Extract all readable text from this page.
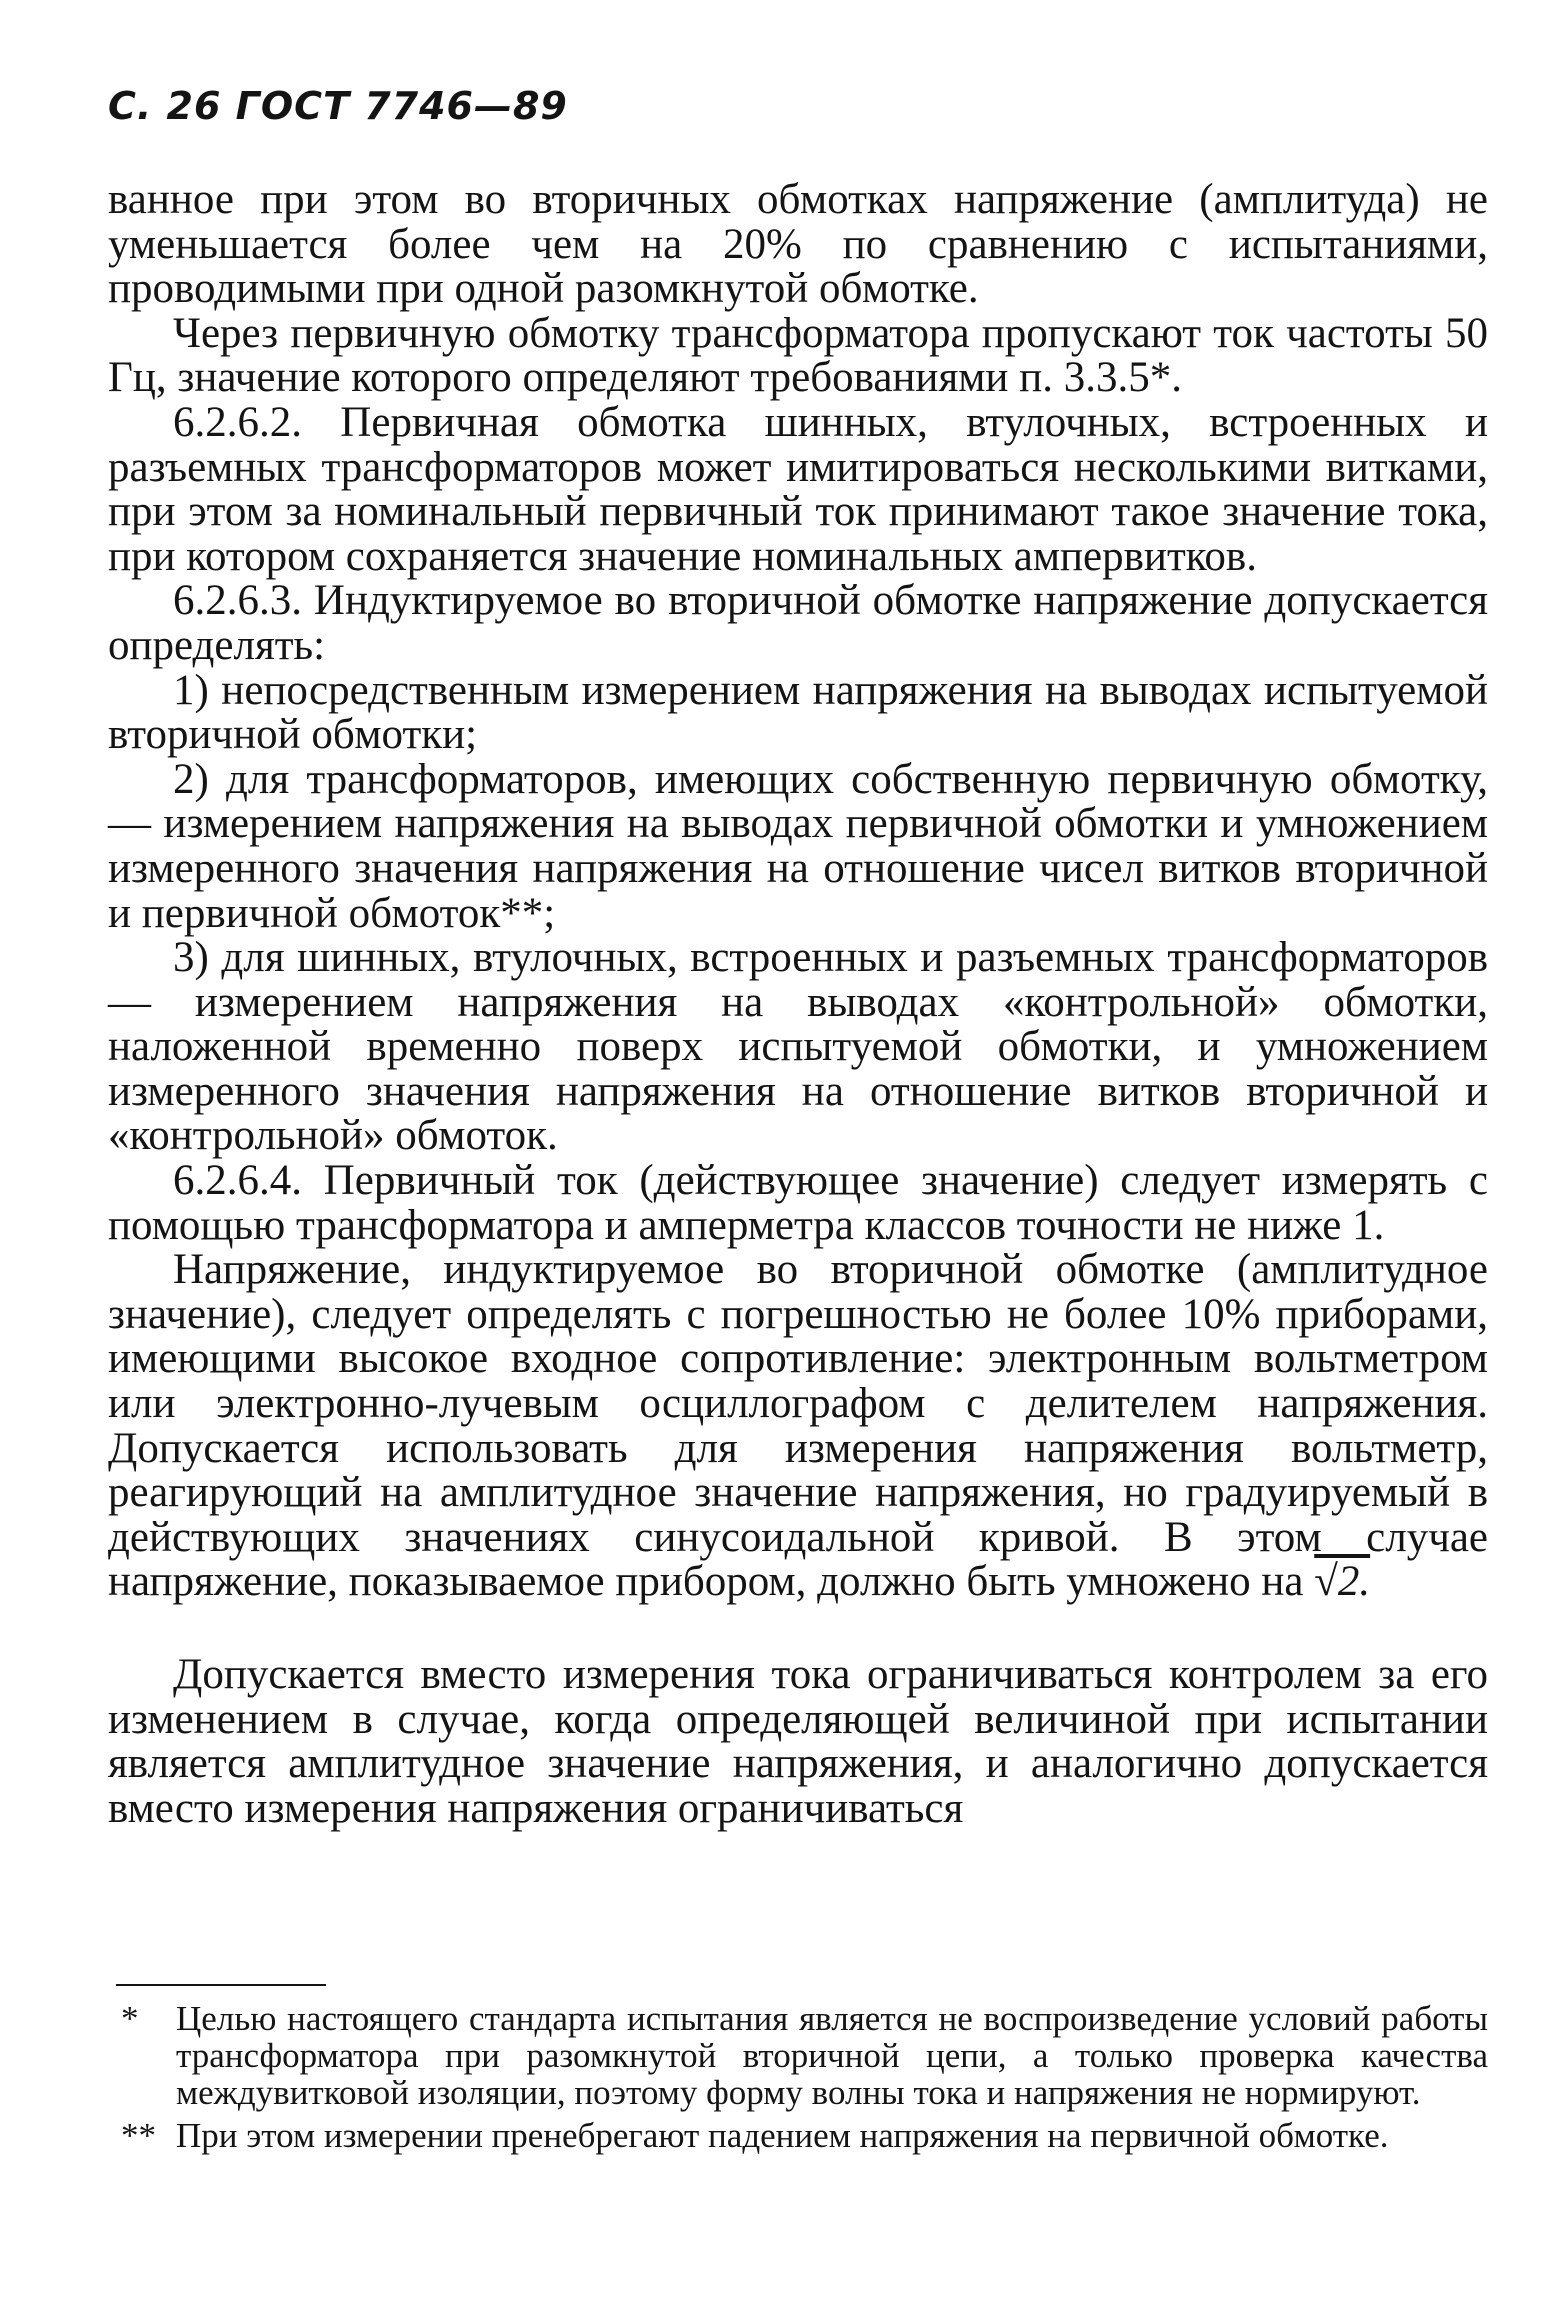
С. 26 ГОСТ 7746—89

ванное при этом во вторичных обмотках напряжение (амплитуда) не уменьшается более чем на 20% по сравнению с испытаниями, проводимыми при одной разомкнутой обмотке.

Через первичную обмотку трансформатора пропускают ток частоты 50 Гц, значение которого определяют требованиями п. 3.3.5*.

6.2.6.2. Первичная обмотка шинных, втулочных, встроенных и разъемных трансформаторов может имитироваться несколькими витками, при этом за номинальный первичный ток принимают такое значение тока, при котором сохраняется значение номинальных ампервитков.

6.2.6.3. Индуктируемое во вторичной обмотке напряжение допускается определять:

1) непосредственным измерением напряжения на выводах испытуемой вторичной обмотки;

2) для трансформаторов, имеющих собственную первичную обмотку, — измерением напряжения на выводах первичной обмотки и умножением измеренного значения напряжения на отношение чисел витков вторичной и первичной обмоток**;

3) для шинных, втулочных, встроенных и разъемных трансформаторов — измерением напряжения на выводах «контрольной» обмотки, наложенной временно поверх испытуемой обмотки, и умножением измеренного значения напряжения на отношение витков вторичной и «контрольной» обмоток.

6.2.6.4. Первичный ток (действующее значение) следует измерять с помощью трансформатора и амперметра классов точности не ниже 1.

Напряжение, индуктируемое во вторичной обмотке (амплитудное значение), следует определять с погрешностью не более 10% приборами, имеющими высокое входное сопротивление: электронным вольтметром или электронно-лучевым осциллографом с делителем напряжения. Допускается использовать для измерения напряжения вольтметр, реагирующий на амплитудное значение напряжения, но градуируемый в действующих значениях синусоидальной кривой. В этом случае напряжение, показываемое прибором, должно быть умножено на √2.

Допускается вместо измерения тока ограничиваться контролем за его изменением в случае, когда определяющей величиной при испытании является амплитудное значение напряжения, и аналогично допускается вместо измерения напряжения ограничиваться

* Целью настоящего стандарта испытания является не воспроизведение условий работы трансформатора при разомкнутой вторичной цепи, а только проверка качества междувитковой изоляции, поэтому форму волны тока и напряжения не нормируют.

** При этом измерении пренебрегают падением напряжения на первичной обмотке.
